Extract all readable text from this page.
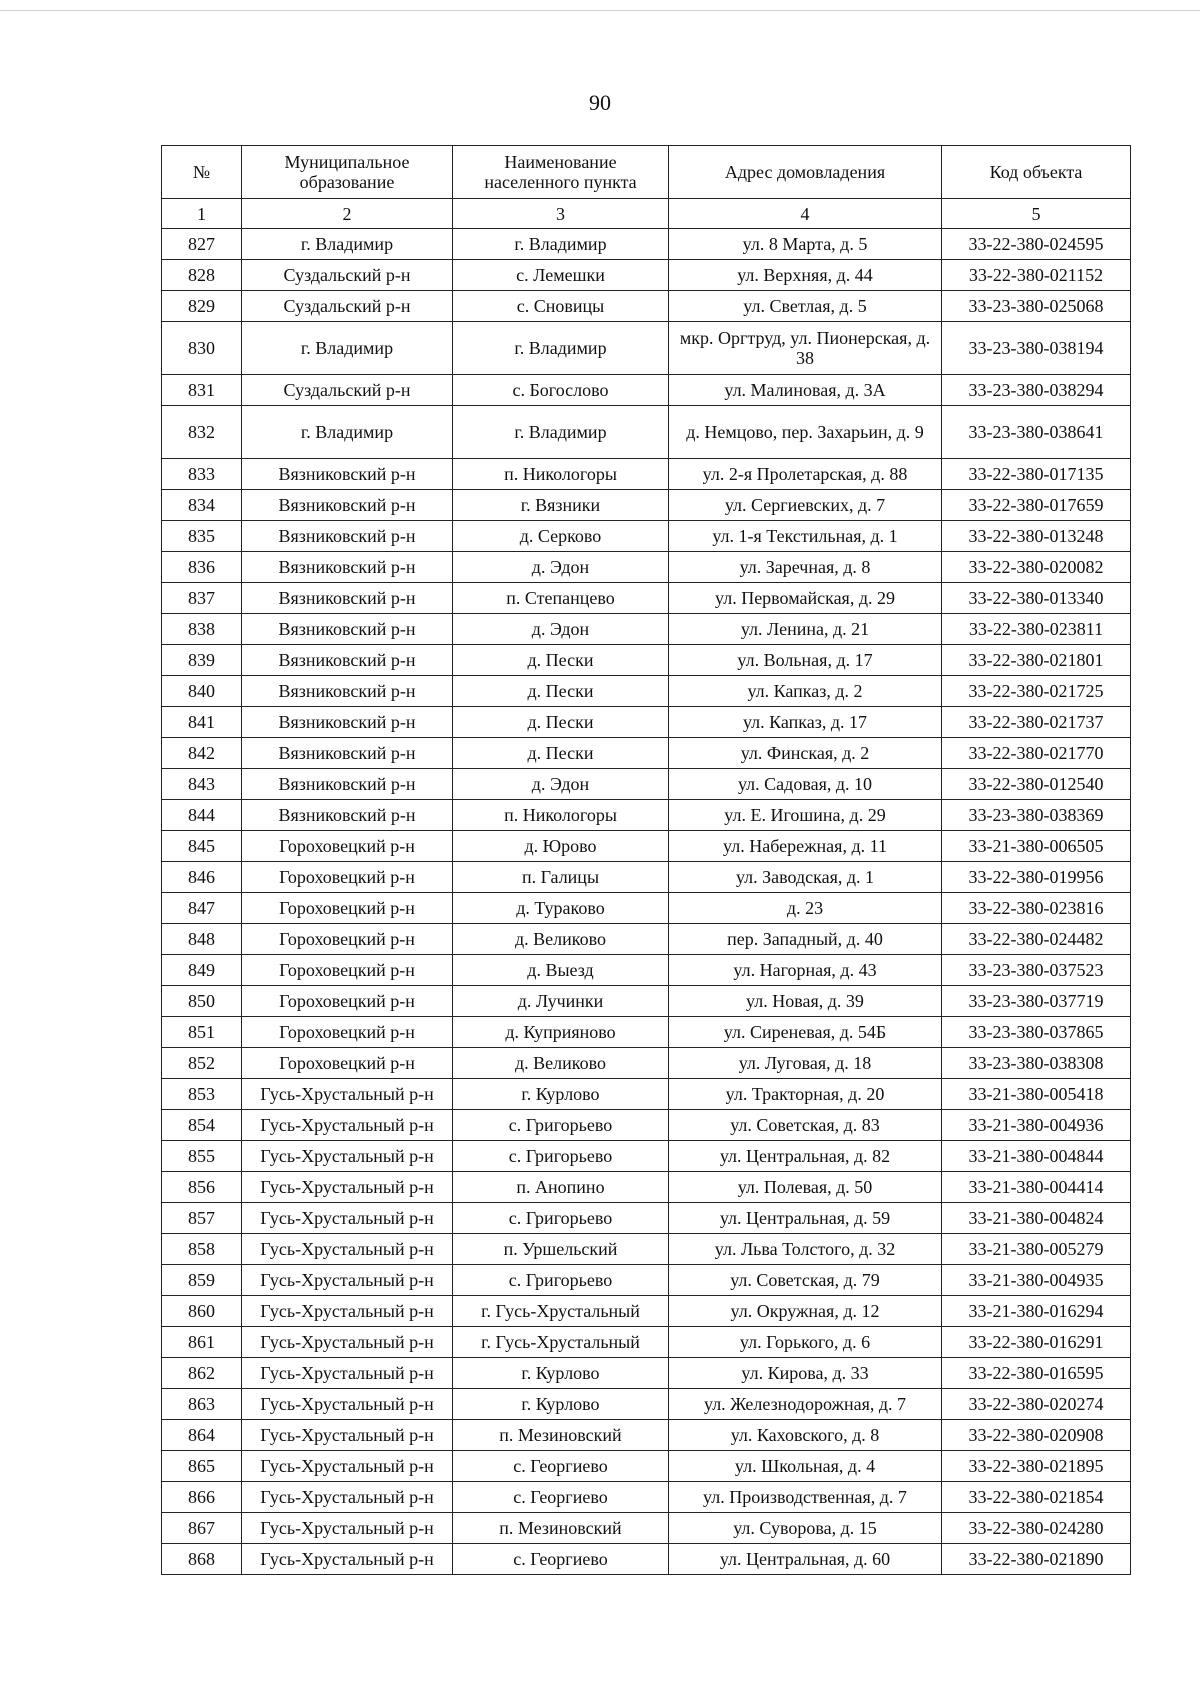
90
№	Муниципальное образование	Наименование населенного пункта	Адрес домовладения	Код объекта
1	2	3	4	5
827	г. Владимир	г. Владимир	ул. 8 Марта, д. 5	33-22-380-024595
828	Суздальский р-н	с. Лемешки	ул. Верхняя, д. 44	33-22-380-021152
829	Суздальский р-н	с. Сновицы	ул. Светлая, д. 5	33-23-380-025068
830	г. Владимир	г. Владимир	мкр. Оргтруд, ул. Пионерская, д. 38	33-23-380-038194
831	Суздальский р-н	с. Богослово	ул. Малиновая, д. 3А	33-23-380-038294
832	г. Владимир	г. Владимир	д. Немцово, пер. Захарьин, д. 9	33-23-380-038641
833	Вязниковский р-н	п. Никологоры	ул. 2-я Пролетарская, д. 88	33-22-380-017135
834	Вязниковский р-н	г. Вязники	ул. Сергиевских, д. 7	33-22-380-017659
835	Вязниковский р-н	д. Серково	ул. 1-я Текстильная, д. 1	33-22-380-013248
836	Вязниковский р-н	д. Эдон	ул. Заречная, д. 8	33-22-380-020082
837	Вязниковский р-н	п. Степанцево	ул. Первомайская, д. 29	33-22-380-013340
838	Вязниковский р-н	д. Эдон	ул. Ленина, д. 21	33-22-380-023811
839	Вязниковский р-н	д. Пески	ул. Вольная, д. 17	33-22-380-021801
840	Вязниковский р-н	д. Пески	ул. Капказ, д. 2	33-22-380-021725
841	Вязниковский р-н	д. Пески	ул. Капказ, д. 17	33-22-380-021737
842	Вязниковский р-н	д. Пески	ул. Финская, д. 2	33-22-380-021770
843	Вязниковский р-н	д. Эдон	ул. Садовая, д. 10	33-22-380-012540
844	Вязниковский р-н	п. Никологоры	ул. Е. Игошина, д. 29	33-23-380-038369
845	Гороховецкий р-н	д. Юрово	ул. Набережная, д. 11	33-21-380-006505
846	Гороховецкий р-н	п. Галицы	ул. Заводская, д. 1	33-22-380-019956
847	Гороховецкий р-н	д. Тураково	д. 23	33-22-380-023816
848	Гороховецкий р-н	д. Великово	пер. Западный, д. 40	33-22-380-024482
849	Гороховецкий р-н	д. Выезд	ул. Нагорная, д. 43	33-23-380-037523
850	Гороховецкий р-н	д. Лучинки	ул. Новая, д. 39	33-23-380-037719
851	Гороховецкий р-н	д. Куприяново	ул. Сиреневая, д. 54Б	33-23-380-037865
852	Гороховецкий р-н	д. Великово	ул. Луговая, д. 18	33-23-380-038308
853	Гусь-Хрустальный р-н	г. Курлово	ул. Тракторная, д. 20	33-21-380-005418
854	Гусь-Хрустальный р-н	с. Григорьево	ул. Советская, д. 83	33-21-380-004936
855	Гусь-Хрустальный р-н	с. Григорьево	ул. Центральная, д. 82	33-21-380-004844
856	Гусь-Хрустальный р-н	п. Анопино	ул. Полевая, д. 50	33-21-380-004414
857	Гусь-Хрустальный р-н	с. Григорьево	ул. Центральная, д. 59	33-21-380-004824
858	Гусь-Хрустальный р-н	п. Уршельский	ул. Льва Толстого, д. 32	33-21-380-005279
859	Гусь-Хрустальный р-н	с. Григорьево	ул. Советская, д. 79	33-21-380-004935
860	Гусь-Хрустальный р-н	г. Гусь-Хрустальный	ул. Окружная, д. 12	33-21-380-016294
861	Гусь-Хрустальный р-н	г. Гусь-Хрустальный	ул. Горького, д. 6	33-22-380-016291
862	Гусь-Хрустальный р-н	г. Курлово	ул. Кирова, д. 33	33-22-380-016595
863	Гусь-Хрустальный р-н	г. Курлово	ул. Железнодорожная, д. 7	33-22-380-020274
864	Гусь-Хрустальный р-н	п. Мезиновский	ул. Каховского, д. 8	33-22-380-020908
865	Гусь-Хрустальный р-н	с. Георгиево	ул. Школьная, д. 4	33-22-380-021895
866	Гусь-Хрустальный р-н	с. Георгиево	ул. Производственная, д. 7	33-22-380-021854
867	Гусь-Хрустальный р-н	п. Мезиновский	ул. Суворова, д. 15	33-22-380-024280
868	Гусь-Хрустальный р-н	с. Георгиево	ул. Центральная, д. 60	33-22-380-021890
